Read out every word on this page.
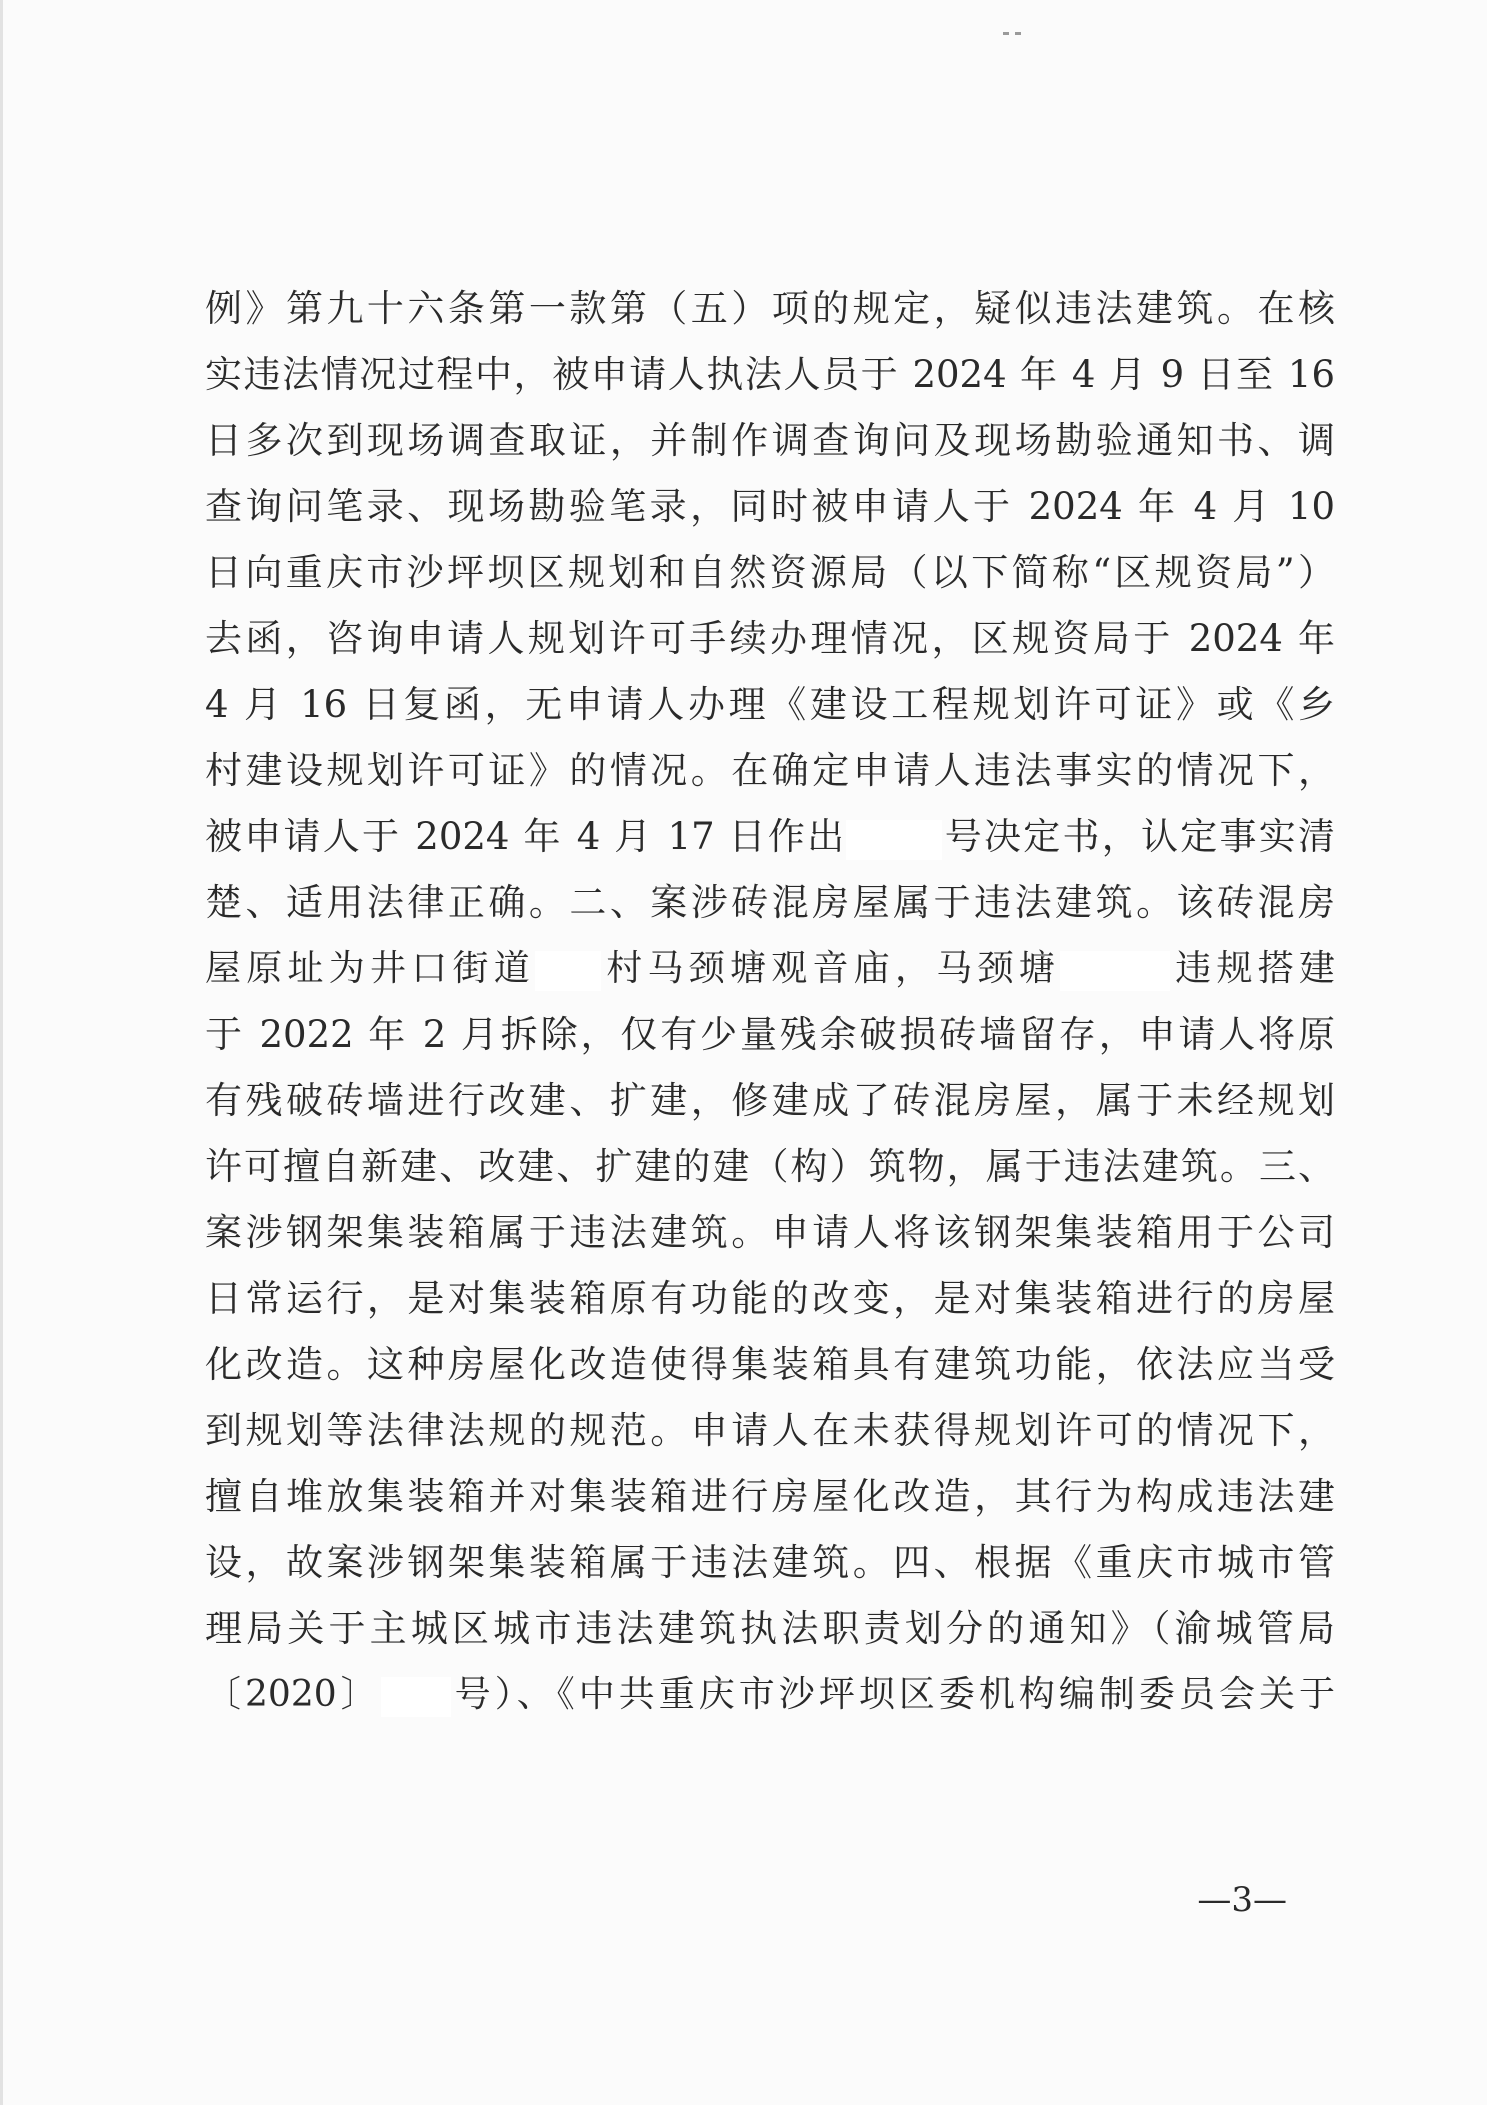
例》第九十六条第一款第（五）项的规定，疑似违法建筑。在核
实违法情况过程中，被申请人执法人员于 2024 年 4 月 9 日至 16
日多次到现场调查取证，并制作调查询问及现场勘验通知书、调
查询问笔录、现场勘验笔录，同时被申请人于 2024 年 4 月 10
日向重庆市沙坪坝区规划和自然资源局（以下简称“区规资局”）
去函，咨询申请人规划许可手续办理情况，区规资局于 2024 年
4 月 16 日复函，无申请人办理《建设工程规划许可证》或《乡
村建设规划许可证》的情况。在确定申请人违法事实的情况下，
被申请人于 2024 年 4 月 17 日作出	号决定书，认定事实清
楚、适用法律正确。二、案涉砖混房屋属于违法建筑。该砖混房
屋原址为井口街道 村马颈塘观音庙，马颈塘	违规搭建
于 2022 年 2 月拆除，仅有少量残余破损砖墙留存，申请人将原
有残破砖墙进行改建、扩建，修建成了砖混房屋，属于未经规划
许可擅自新建、改建、扩建的建（构）筑物，属于违法建筑。三、
案涉钢架集装箱属于违法建筑。申请人将该钢架集装箱用于公司
日常运行，是对集装箱原有功能的改变，是对集装箱进行的房屋
化改造。这种房屋化改造使得集装箱具有建筑功能，依法应当受
到规划等法律法规的规范。申请人在未获得规划许可的情况下，
擅自堆放集装箱并对集装箱进行房屋化改造，其行为构成违法建
设，故案涉钢架集装箱属于违法建筑。四、根据《重庆市城市管
理局关于主城区城市违法建筑执法职责划分的通知》（渝城管局
〔2020〕 号）、《中共重庆市沙坪坝区委机构编制委员会关于
—3—
